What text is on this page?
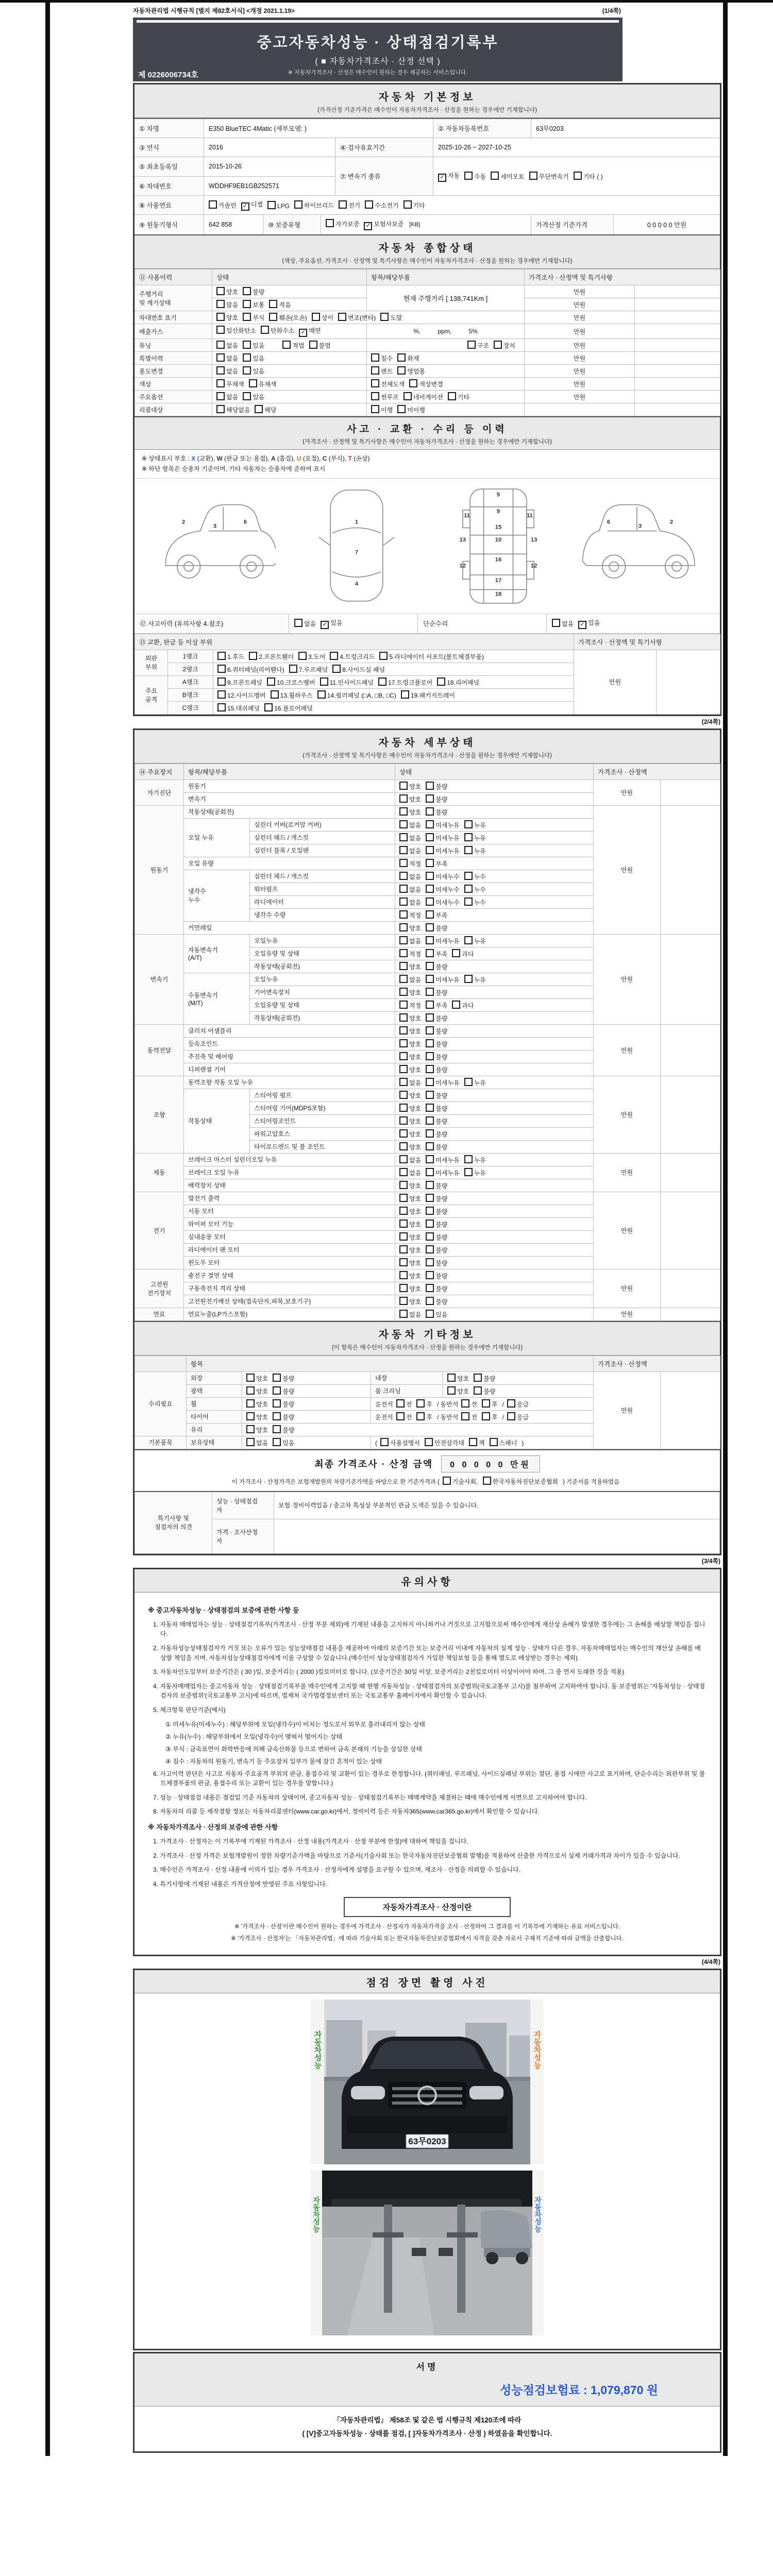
자동차관리법 시행규칙 [별지 제82호서식] <개정 2021.1.19>	(1/4쪽)
중고자동차성능 · 상태점검기록부
( ■ 자동차가격조사 · 산정 선택 )
※ 자동차가격조사 · 산정은 매수인이 원하는 경우 제공하는 서비스입니다.
제 0226006734호
자동차 기본정보
(가격산정 기준가격은 매수인이 자동차가격조사 · 산정을 원하는 경우에만 기재합니다)
① 차명	E350 BlueTEC 4Matic (세부모델: )	② 자동차등록번호	63무0203
③ 연식	2016	④ 검사유효기간	2025-10-26 ~ 2027-10-25
⑤ 최초등록일	2015-10-26
⑥ 차대번호	WDDHF9EB1GB252571
⑦ 변속기 종류	✓ 자동	수동	세미오토	무단변속기	기타 ( )
⑧ 사용연료	가솔린	✓ 디젤	LPG	하이브리드	전기	수소전기	기타
⑨ 원동기형식	642 858	⑩ 보증유형	자가보증 ✓ 보험사보증	[KB]	가격산정 기준가격	0 0 0 0 0 만원
자동차 종합상태
(색상, 주요옵션, 가격조사 · 산정액 및 특기사항은 매수인이 자동차가격조사 · 산정을 원하는 경우에만 기재합니다)
⑪ 사용이력	상태	항목/해당부품	가격조사 · 산정액 및 특기사항	
주행거리
및 계기상태	양호 불량	현재 주행거리 [ 138,741Km ]	만원	
	많음 보통 적음		만원	
차대번호 표기	양호 부식 훼손(오손) 상이 변조(변타) 도말		만원	
배출가스	일산화탄소 탄화수소 ✓ 매연	%,          ppm,          5%	만원	
튜닝	없음 있음 적법 불법	구조 장치	만원	
특별이력	없음 있음	침수 화재	만원	
용도변경	없음 있음	렌트 영업용	만원	
색상	무채색 유채색	전체도색 색상변경	만원	
주요옵션	없음 있음	썬루프 네비게이션 기타	만원	
리콜대상	해당없음 해당	이행 미이행		
사고 · 교환 · 수리 등 이력
(가격조사 · 산정액 및 특기사항은 매수인이 자동차가격조사 · 산정을 원하는 경우에만 기재합니다)
※ 상태표시 부호 : X (교환), W (판금 또는 용접), A (흠집), U (요철), C (부식), T (손상)
※ 하단 항목은 승용차 기준이며, 기타 자동차는 승용차에 준하여 표시
2
3
6	1
7
4
5
9
11	11
13	13
10
15
12	12
16
17
18
6
3
2
⑫ 사고이력 (유의사항 4.참조)	없음	✓ 있음	단순수리	없음	✓ 있음
⑬ 교환, 판금 등 이상 부위			가격조사 · 산정액 및 특기사항	
외판
부위	1랭크	1.후드 2.프론트휀더 3.도어 4.트렁크리드 5.라디에이터 서포트(볼트체결부품)	만원	
	2랭크	6.쿼터패널(리어휀다) 7.루프패널 8.사이드실 패널		
주요
골격	A랭크	9.프론트패널 10.크로스멤버 11.인사이드패널 17.트렁크플로어 18.리어패널		
	B랭크	12.사이드멤버 13.휠하우스 14.필러패널 (□A, □B, □C) 19.패키지트레이		
	C랭크	15.대쉬패널 16.플로어패널		
(2/4쪽)
자동차 세부상태
(가격조사 · 산정액 및 특기사항은 매수인이 자동차가격조사 · 산정을 원하는 경우에만 기재합니다)
⑭ 주요장치	항목/해당부품		상태	가격조사 · 산정액	
자기진단	원동기		양호 불량	만원	
	변속기		양호 불량		
원동기	작동상태(공회전)		양호 불량	만원	
	오일 누유	실린더 커버(로커암 커버)	없음 미세누유 누유		
		실린더 헤드 / 개스킷	없음 미세누유 누유		
		실린더 블록 / 오일팬	없음 미세누유 누유		
	오일 유량		적정 부족		
	냉각수
누수	실린더 헤드 / 개스킷	없음 미세누수 누수		
		워터펌프	없음 미세누수 누수		
		라디에이터	없음 미세누수 누수		
		냉각수 수량	적정 부족		
	커먼레일		양호 불량		
변속기	자동변속기
(A/T)	오일누유	없음 미세누유 누유	만원	
		오일유량 및 상태	적정 부족 과다		
		작동상태(공회전)	양호 불량		
	수동변속기
(M/T)	오일누유	없음 미세누유 누유		
		기어변속장치	양호 불량		
		오일유량 및 상태	적정 부족 과다		
		작동상태(공회전)	양호 불량		
동력전달	클러치 어셈블리		양호 불량	만원	
	등속조인트		양호 불량		
	추진축 및 베어링		양호 불량		
	디퍼렌셜 기어		양호 불량		
조향	동력조향 작동 오일 누유		없음 미세누유 누유	만원	
	작동상태	스티어링 펌프	양호 불량		
		스티어링 기어(MDPS포함)	양호 불량		
		스티어링조인트	양호 불량		
		파워고압호스	양호 불량		
		타이로드엔드 및 볼 조인트	양호 불량		
제동	브레이크 마스터 실린더오일 누유		없음 미세누유 누유	만원	
	브레이크 오일 누유		없음 미세누유 누유		
	배력장치 상태		양호 불량		
전기	발전기 출력		양호 불량	만원	
	시동 모터		양호 불량		
	와이퍼 모터 기능		양호 불량		
	실내송풍 모터		양호 불량		
	라디에이터 팬 모터		양호 불량		
	윈도우 모터		양호 불량		
고전원
전기장치	충전구 절연 상태		양호 불량	만원	
	구동축전지 격리 상태		양호 불량		
	고전원전기배선 상태(접속단자,피복,보호기구)		양호 불량		
연료	연료누출(LP가스포함)		없음 있음	만원	
자동차 기타정보
(이 항목은 매수인이 자동차가격조사 · 산정을 원하는 경우에만 기재합니다)
	항목				가격조사 · 산정액	
수리필요	외장	양호 불량	내장	양호 불량	만원	
	광택	양호 불량	룸 크리닝	양호 불량		
	휠	양호 불량	운전석 전 후 / 동반석 전 후 / 응급			
	타이어	양호 불량	운전석 전 후 / 동반석 전 후 / 응급			
	유리	양호 불량				
기본품목	보유상태	없음 있음	( 사용설명서 안전삼각대 잭 스패너 )			
최종 가격조사 · 산정 금액	0 0 0 0 0 만원
이 가격조사 · 산정가격은 보험개발원의 차량기준가액을 바탕으로 한 기준가격과 ( 기술사회, 한국자동차진단보증협회 ) 기준서를 적용하였음
특기사항 및
점검자의 의견	성능 · 상태점검
자	보험·정비이력있음 / 중고차 특성상 부분적인 판금 도색은 있을 수 있습니다.
	가격 · 조사산정
자	
(3/4쪽)
유의사항
※ 중고자동차성능 · 상태점검의 보증에 관한 사항 등
1. 자동차 매매업자는 성능 · 상태점검기록부(가격조사 · 산정 부분 제외)에 기재된 내용을 고지하지 아니하거나 거짓으로 고지함으로써 매수인에게 재산상 손해가 발생한 경우에는 그 손해를 배상할 책임을 집니다.
2. 자동차성능상태점검자가 거짓 또는 오류가 있는 성능상태점검 내용을 제공하여 아래의 보증기간 또는 보증거리 이내에 자동차의 실제 성능 · 상태가 다른 경우, 자동차매매업자는 매수인의 재산상 손해를 배상할 책임을 지며, 자동차성능상태점검자에게 이를 구상할 수 있습니다.(매수인이 성능상태점검자가 가입한 책임보험 등을 통해 별도로 배상받는 경우는 제외)
3. 자동차인도일부터 보증기간은 ( 30 )일, 보증거리는 ( 2000 )킬로미터로 합니다. (보증기간은 30일 이상, 보증거리는 2천킬로미터 이상이어야 하며, 그 중 먼저 도래한 것을 적용)
4. 자동차매매업자는 중고자동차 성능 · 상태점검기록부를 매수인에게 고지할 때 현행 자동차성능 · 상태점검자의 보증범위(국토교통부 고시)를 첨부하여 고지하여야 합니다. 동 보증범위는 '자동차성능 · 상태점검자의 보증범위'(국토교통부 고시)에 따르며, 법제처 국가법령정보센터 또는 국토교통부 홈페이지에서 확인할 수 있습니다.
5. 체크항목 판단기준(예시)
① 미세누유(미세누수) : 해당부위에 오일(냉각수)이 비치는 정도로서 외부로 흘러내리지 않는 상태
② 누유(누수) : 해당부위에서 오일(냉각수)이 맺혀서 떨어지는 상태
③ 부식 : 금속표면이 화학반응에 의해 금속산화물 등으로 변하여 금속 본래의 기능을 상실한 상태
④ 침수 : 자동차의 원동기, 변속기 등 주요장치 일부가 물에 잠긴 흔적이 있는 상태
6. 사고이력 판단은 사고로 자동차 주요골격 부위의 판금, 용접수리 및 교환이 있는 경우로 한정합니다. (쿼터패널, 루프패널, 사이드실패널 부위는 절단, 용접 시에만 사고로 표기하며, 단순수리는 외판부위 및 볼트체결부품의 판금, 용접수리 또는 교환이 있는 경우를 말합니다.)
7. 성능 · 상태점검 내용은 점검일 기준 자동차의 상태이며, 중고자동차 성능 · 상태점검기록부는 매매계약을 체결하는 때에 매수인에게 서면으로 고지하여야 합니다.
8. 자동차의 리콜 등 제작결함 정보는 자동차리콜센터(www.car.go.kr)에서, 정비이력 등은 자동차365(www.car365.go.kr)에서 확인할 수 있습니다.
※ 자동차가격조사 · 산정의 보증에 관한 사항
1. 가격조사 · 산정자는 이 기록부에 기재된 가격조사 · 산정 내용(가격조사 · 산정 부분에 한정)에 대하여 책임을 집니다.
2. 가격조사 · 산정 가격은 보험개발원이 정한 차량기준가액을 바탕으로 기준서(기술사회 또는 한국자동차진단보증협회 발행)를 적용하여 산출한 가격으로서 실제 거래가격과 차이가 있을 수 있습니다.
3. 매수인은 가격조사 · 산정 내용에 이의가 있는 경우 가격조사 · 산정자에게 설명을 요구할 수 있으며, 재조사 · 산정을 의뢰할 수 있습니다.
4. 특기사항에 기재된 내용은 가격산정에 반영된 주요 사항입니다.
자동차가격조사 · 산정이란
※ '가격조사 · 산정'이란 매수인이 원하는 경우에 가격조사 · 산정자가 자동차가격을 조사 · 산정하여 그 결과를 이 기록부에 기재하는 유료 서비스입니다.
※ '가격조사 · 산정자'는 「자동차관리법」에 따라 기술사회 또는 한국자동차진단보증협회에서 자격을 갖춘 자로서 구체적 기준에 따라 금액을 산출합니다.
(4/4쪽)
점검 장면 촬영 사진
63무0203
자동차성능	자동차성능
자동차성능	자동차성능
서명
성능점검보험료 : 1,079,870 원
「자동차관리법」 제58조 및 같은 법 시행규칙 제120조에 따라
( [V]중고자동차성능 · 상태를 점검, [ ]자동차가격조사 · 산정 ) 하였음을 확인합니다.
